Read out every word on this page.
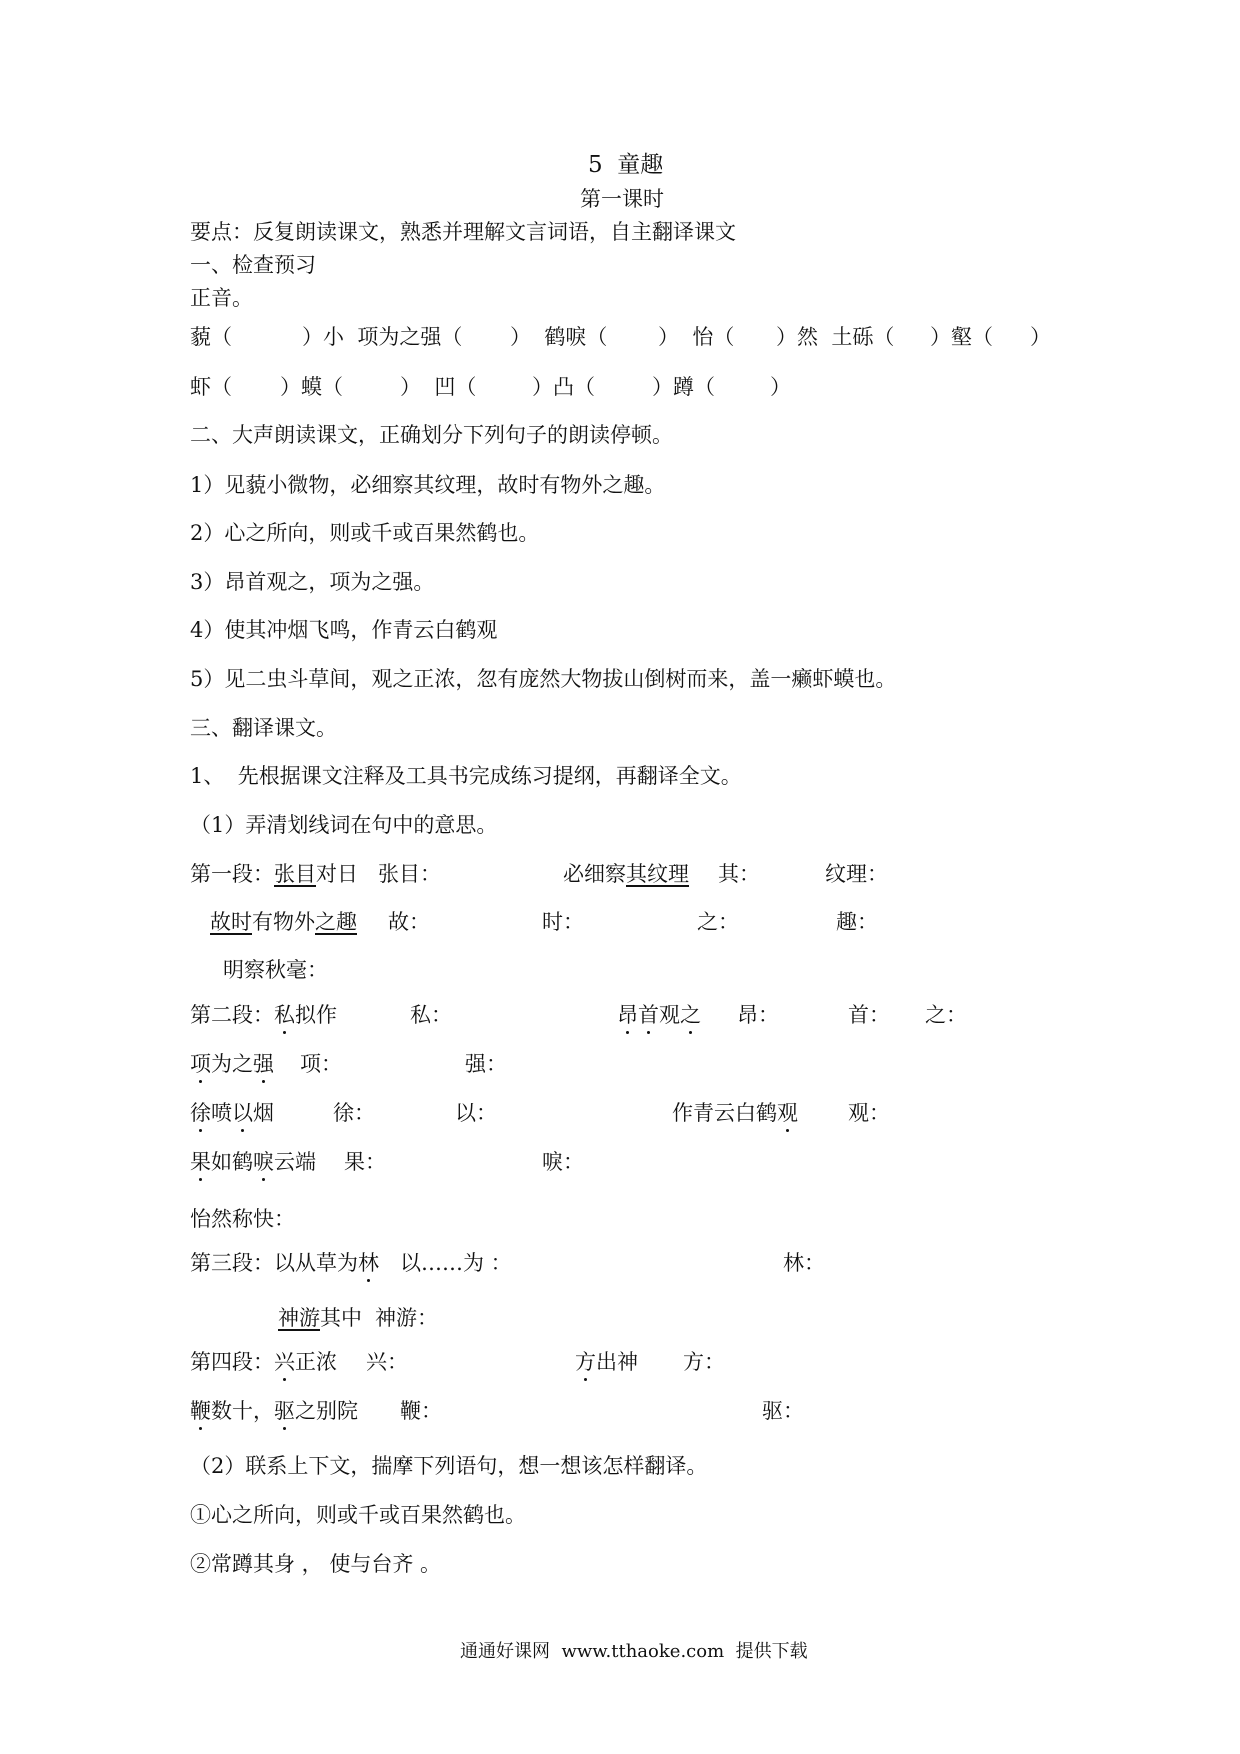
5  童趣
第一课时
要点：反复朗读课文，熟悉并理解文言词语，自主翻译课文
一、检查预习
正音。
藐（	）小  项为之强（ ）  鹤唳（ ）  怡（ ）然  土砾（ ）壑（ ）
虾（ ）蟆（	）  凹（	）凸（	）蹲（	）
二、大声朗读课文，正确划分下列句子的朗读停顿。
1）见藐小微物，必细察其纹理，故时有物外之趣。
2）心之所向，则或千或百果然鹤也。
3）昂首观之，项为之强。
4）使其冲烟飞鸣，作青云白鹤观
5）见二虫斗草间，观之正浓，忽有庞然大物拔山倒树而来，盖一癞虾蟆也。
三、翻译课文。
1、  先根据课文注释及工具书完成练习提纲，再翻译全文。
（1）弄清划线词在句中的意思。
第一段：张目对日 张目：	必细察其纹理 其：	纹理：
故时有物外之趣 故：	时：	之：	趣：
明察秋毫：
第二段：私拟作	私：	昂首观之 昂：	首： 之：
项为之强 项：	强：
徐喷以烟	徐：	以：	作青云白鹤观 观：
果如鹤唳云端 果：	唳：
怡然称快：
第三段：以从草为林 以……为 ：	林：
神游其中 神游：
第四段：兴正浓 兴：	方出神 方：
鞭数十，驱之别院 鞭：	驱：
（2）联系上下文，揣摩下列语句，想一想该怎样翻译。
①心之所向，则或千或百果然鹤也。
②常蹲其身 ， 使与台齐 。
通通好课网  www.tthaoke.com  提供下载
